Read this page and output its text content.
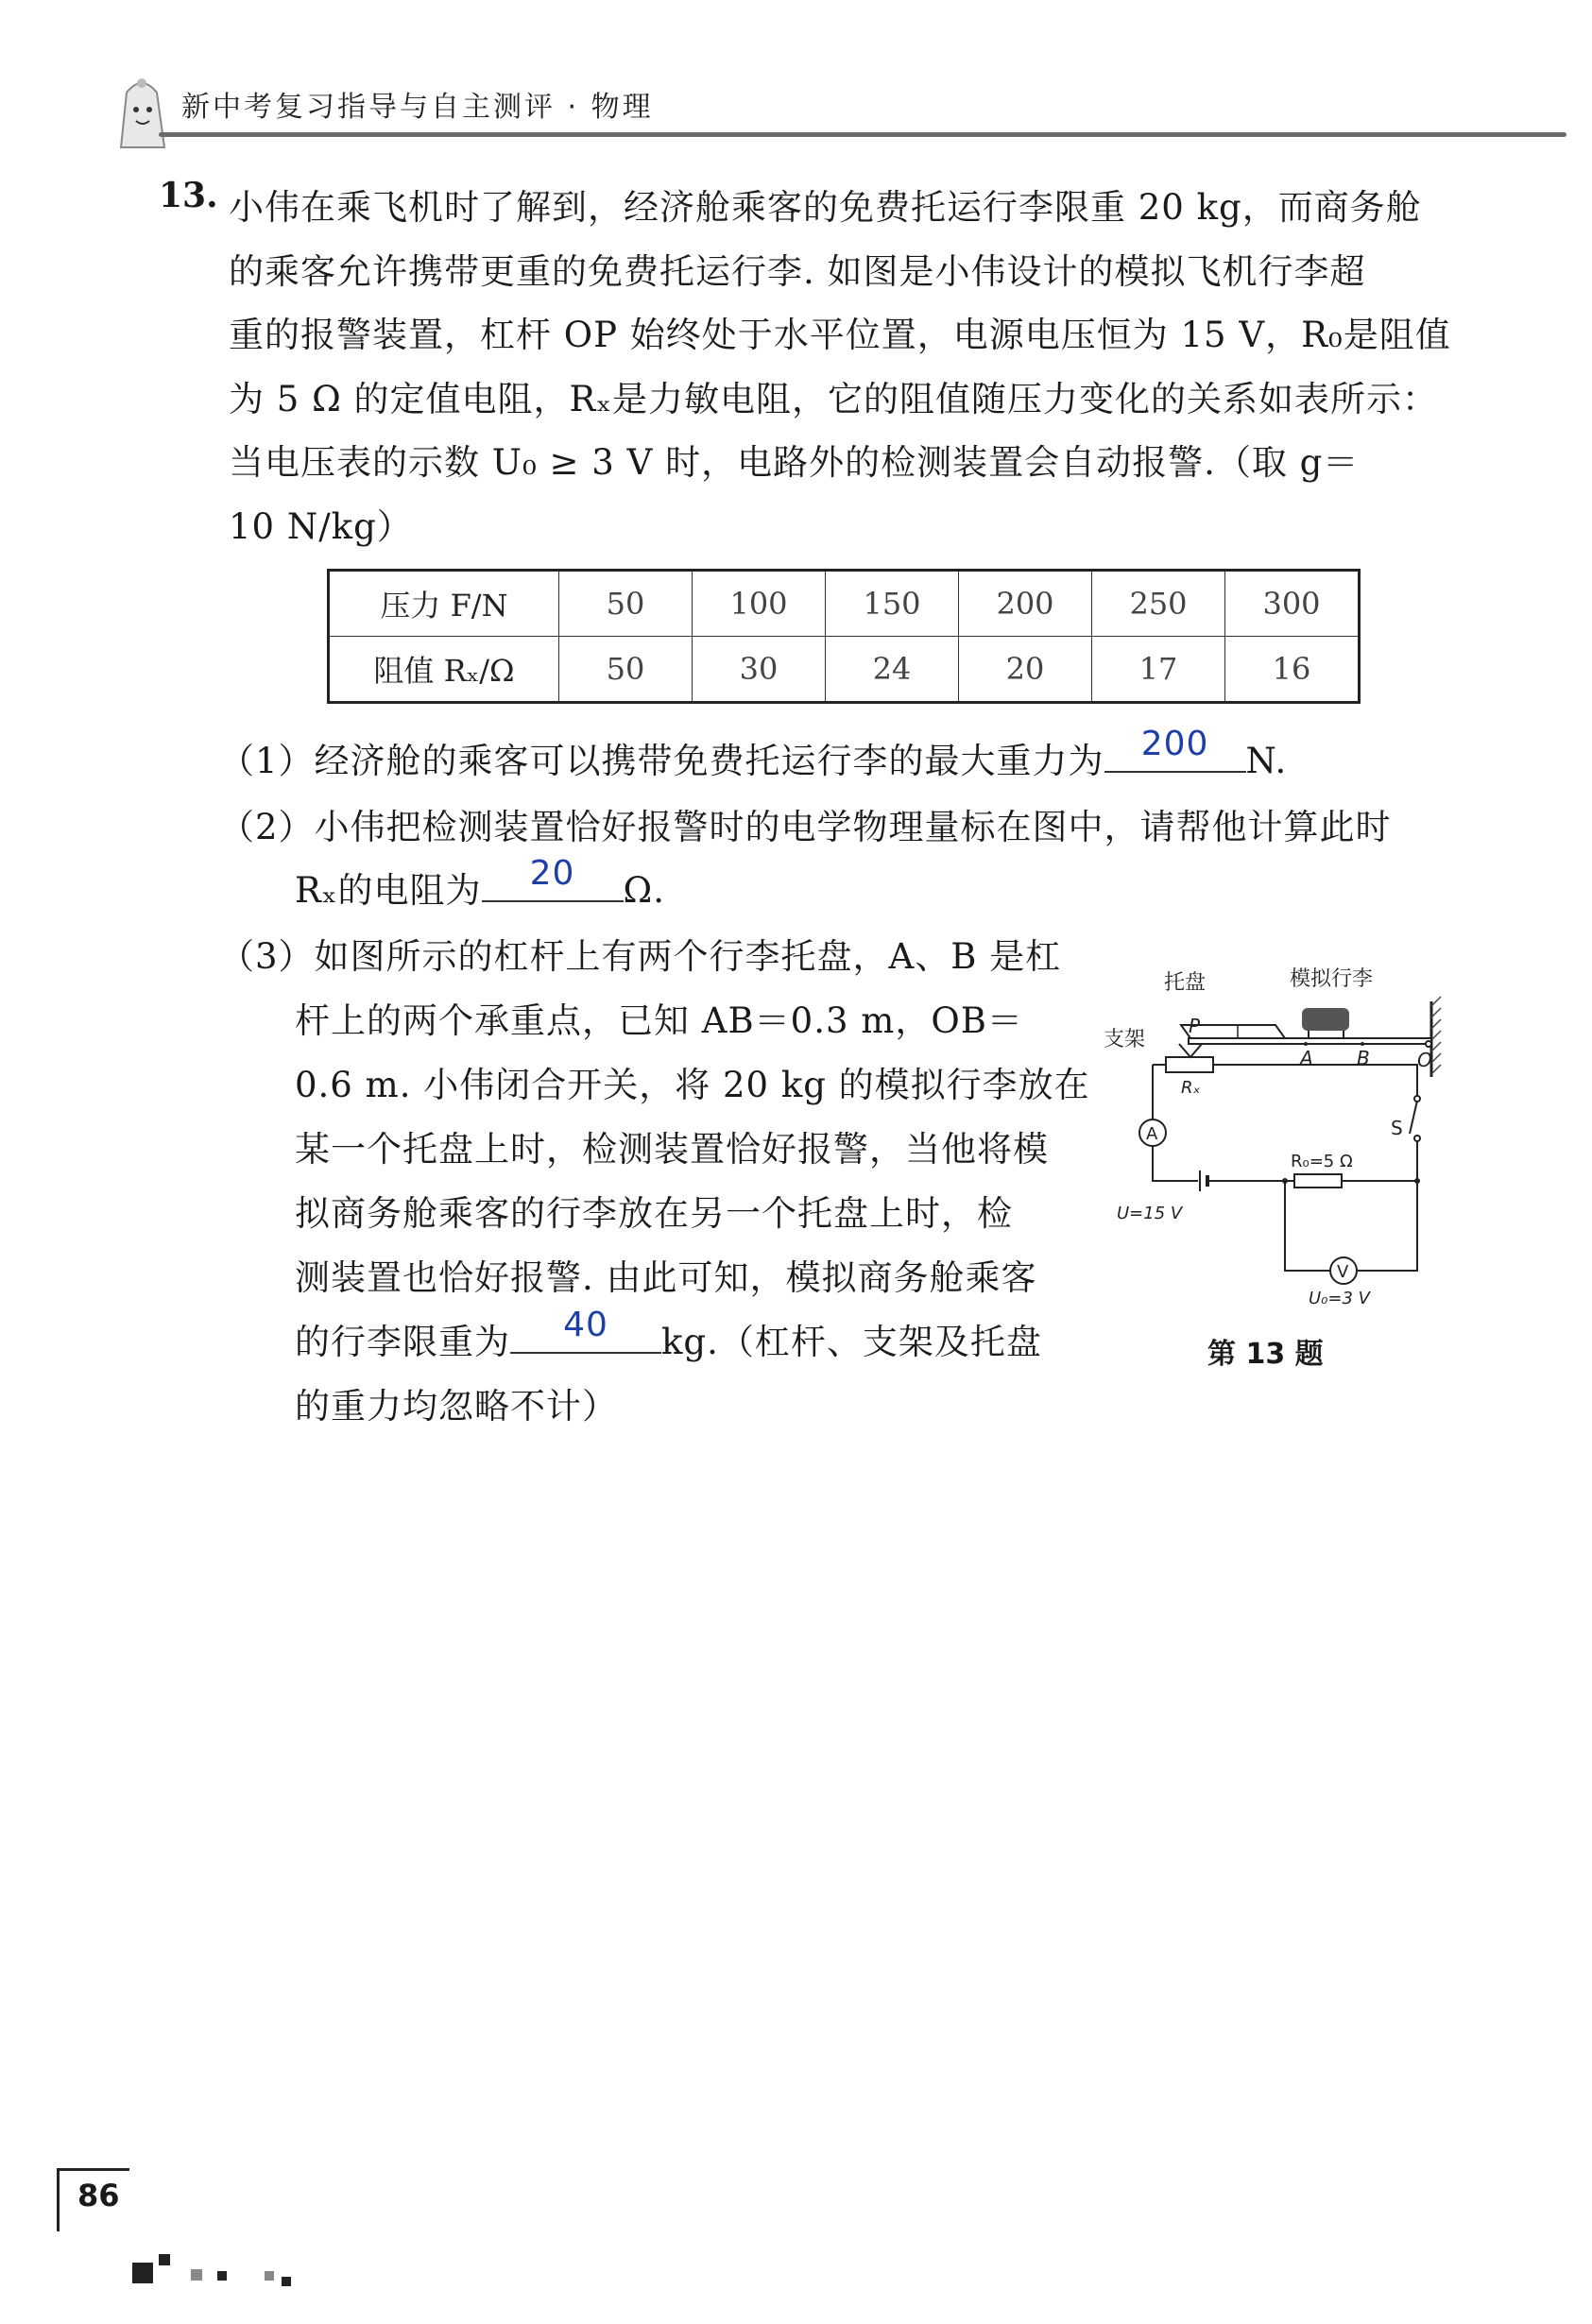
新中考复习指导与自主测评 · 物理
13. 小伟在乘飞机时了解到，经济舱乘客的免费托运行李限重 20 kg，而商务舱

的乘客允许携带更重的免费托运行李. 如图是小伟设计的模拟飞机行李超

重的报警装置，杠杆 OP 始终处于水平位置，电源电压恒为 15 V，R₀是阻值

为 5 Ω 的定值电阻，Rₓ是力敏电阻，它的阻值随压力变化的关系如表所示：

当电压表的示数 U₀ ≥ 3 V 时，电路外的检测装置会自动报警.（取 g＝

10 N/kg）

压力 F/N	50	100	150	200	250	300
阻值 Rₓ/Ω	50	30	24	20	17	16
（1）经济舱的乘客可以携带免费托运行李的最大重力为	200	N.
（2）小伟把检测装置恰好报警时的电学物理量标在图中，请帮他计算此时
Rₓ的电阻为	20	Ω.
（3）如图所示的杠杆上有两个行李托盘，A、B 是杠
杆上的两个承重点，已知 AB＝0.3 m，OB＝
0.6 m. 小伟闭合开关，将 20 kg 的模拟行李放在
某一个托盘上时，检测装置恰好报警，当他将模
拟商务舱乘客的行李放在另一个托盘上时，检
测装置也恰好报警. 由此可知，模拟商务舱乘客
的行李限重为	40	kg.（杠杆、支架及托盘
的重力均忽略不计）
托盘	模拟行李
支架
P
A B	O
Rₓ
S
A
R₀=5 Ω
U=15 V
V
U₀=3 V
第 13 题
86
